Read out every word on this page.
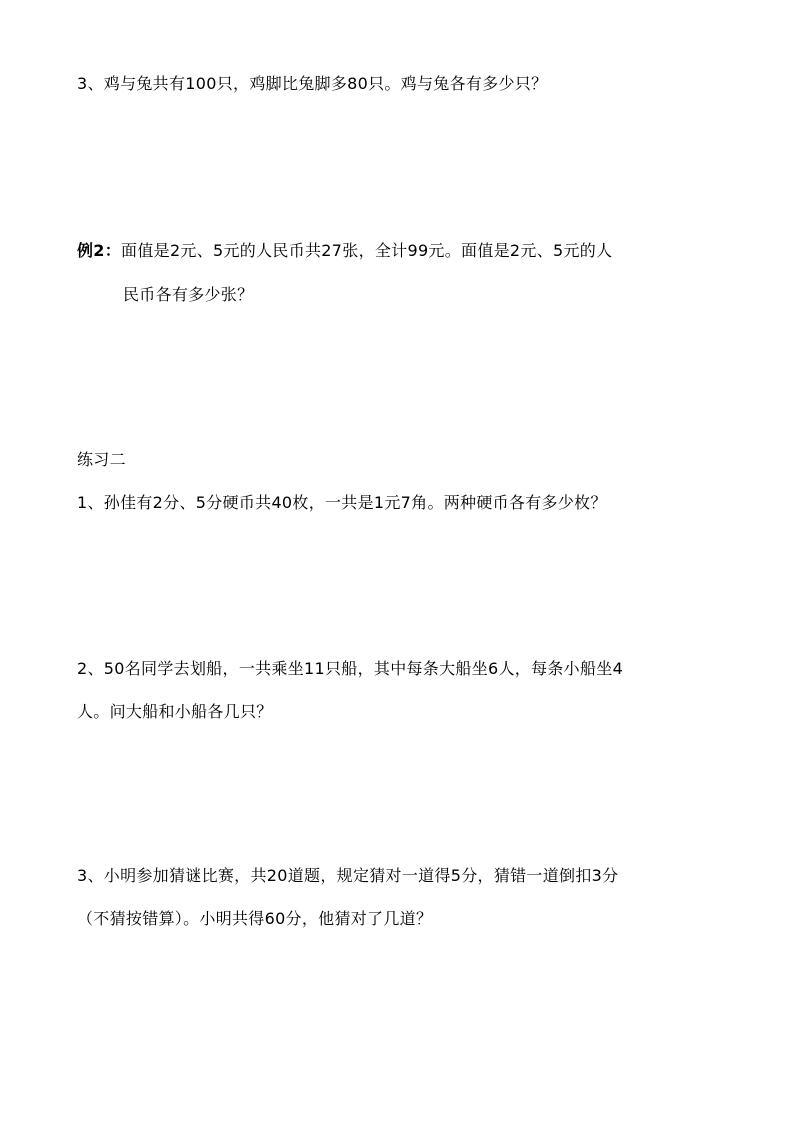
3、鸡与兔共有100只，鸡脚比兔脚多80只。鸡与兔各有多少只？
例2：面值是2元、5元的人民币共27张，全计99元。面值是2元、5元的人
民币各有多少张？
练习二
1、孙佳有2分、5分硬币共40枚，一共是1元7角。两种硬币各有多少枚？
2、50名同学去划船，一共乘坐11只船，其中每条大船坐6人，每条小船坐4
人。问大船和小船各几只？
3、小明参加猜谜比赛，共20道题，规定猜对一道得5分，猜错一道倒扣3分
（不猜按错算）。小明共得60分，他猜对了几道？
